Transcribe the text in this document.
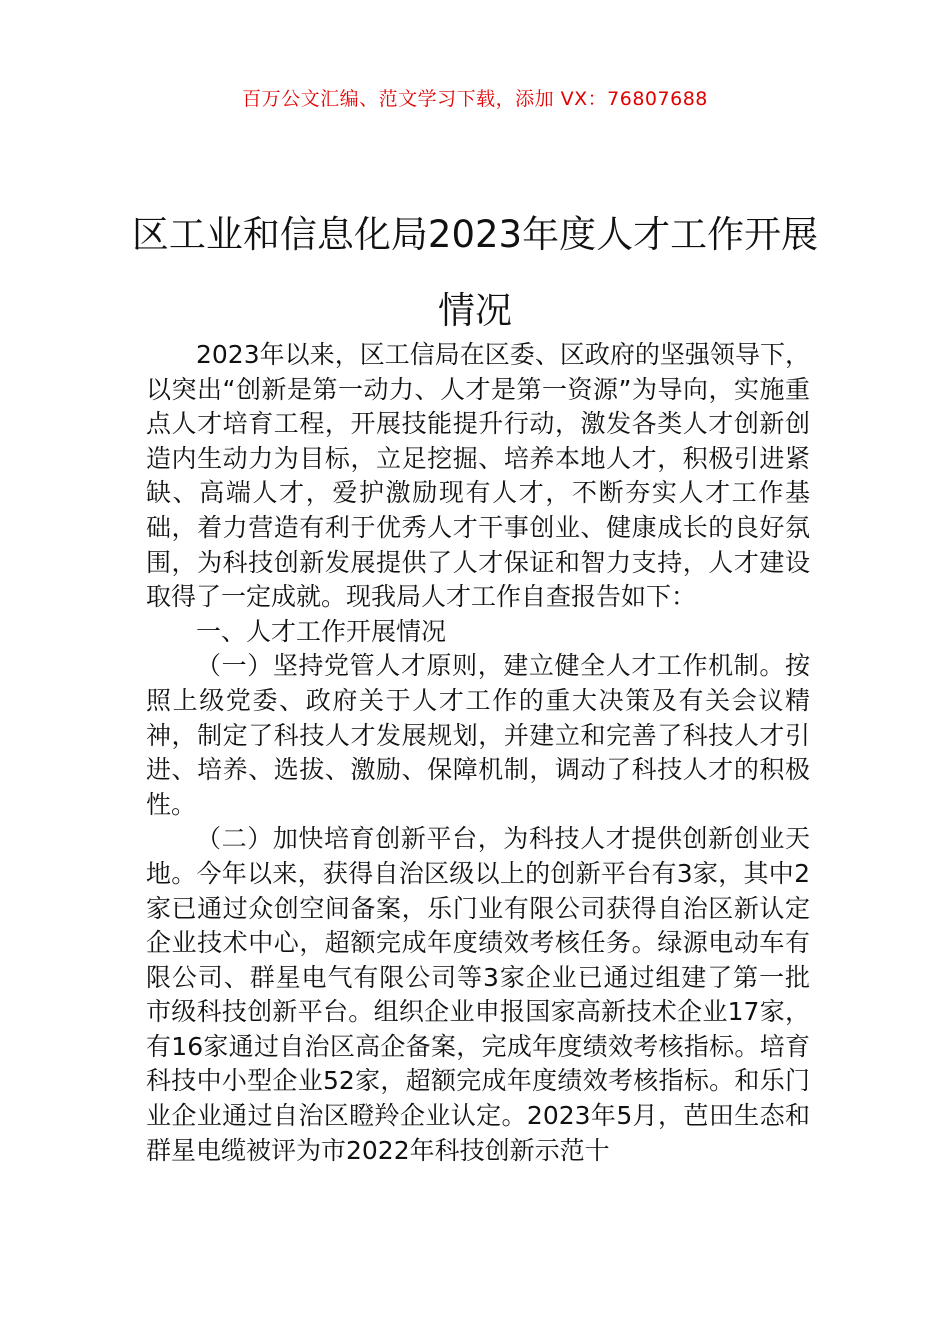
百万公文汇编、范文学习下载，添加 VX：76807688
区工业和信息化局2023年度人才工作开展情况

2023年以来，区工信局在区委、区政府的坚强领导下，以突出“创新是第一动力、人才是第一资源”为导向，实施重点人才培育工程，开展技能提升行动，激发各类人才创新创造内生动力为目标，立足挖掘、培养本地人才，积极引进紧缺、高端人才，爱护激励现有人才，不断夯实人才工作基础，着力营造有利于优秀人才干事创业、健康成长的良好氛围，为科技创新发展提供了人才保证和智力支持，人才建设取得了一定成就。现我局人才工作自查报告如下：

一、人才工作开展情况

（一）坚持党管人才原则，建立健全人才工作机制。按照上级党委、政府关于人才工作的重大决策及有关会议精神，制定了科技人才发展规划，并建立和完善了科技人才引进、培养、选拔、激励、保障机制，调动了科技人才的积极性。

（二）加快培育创新平台，为科技人才提供创新创业天地。今年以来，获得自治区级以上的创新平台有3家，其中2家已通过众创空间备案，乐门业有限公司获得自治区新认定企业技术中心，超额完成年度绩效考核任务。绿源电动车有限公司、群星电气有限公司等3家企业已通过组建了第一批市级科技创新平台。组织企业申报国家高新技术企业17家，有16家通过自治区高企备案，完成年度绩效考核指标。培育科技中小型企业52家，超额完成年度绩效考核指标。和乐门业企业通过自治区瞪羚企业认定。2023年5月，芭田生态和群星电缆被评为市2022年科技创新示范十
